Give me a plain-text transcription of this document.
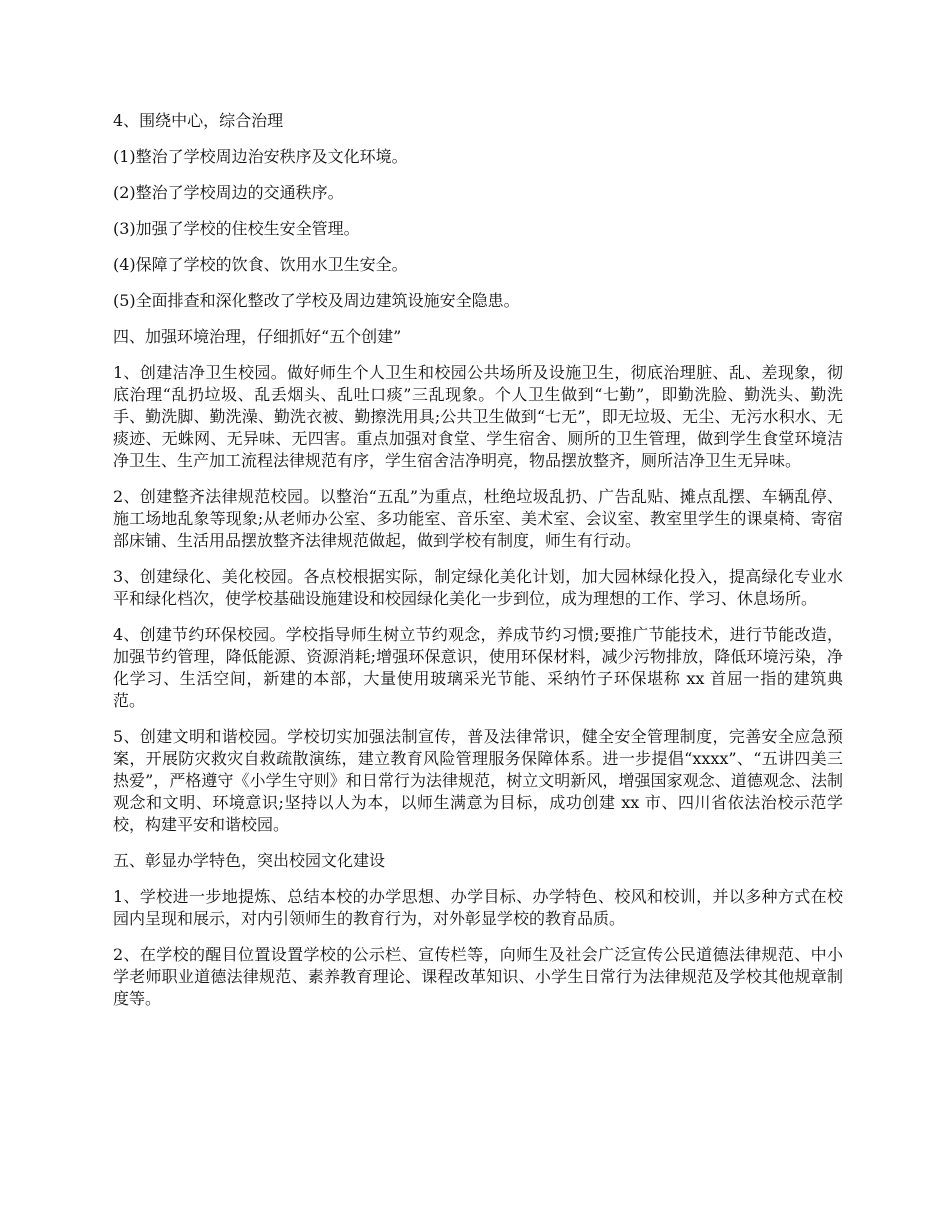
4、围绕中心，综合治理

(1)整治了学校周边治安秩序及文化环境。

(2)整治了学校周边的交通秩序。

(3)加强了学校的住校生安全管理。

(4)保障了学校的饮食、饮用水卫生安全。

(5)全面排查和深化整改了学校及周边建筑设施安全隐患。

四、加强环境治理，仔细抓好“五个创建”

1、创建洁净卫生校园。做好师生个人卫生和校园公共场所及设施卫生，彻底治理脏、乱、差现象，彻底治理“乱扔垃圾、乱丢烟头、乱吐口痰”三乱现象。个人卫生做到“七勤”，即勤洗脸、勤洗头、勤洗手、勤洗脚、勤洗澡、勤洗衣被、勤擦洗用具;公共卫生做到“七无”，即无垃圾、无尘、无污水积水、无痰迹、无蛛网、无异味、无四害。重点加强对食堂、学生宿舍、厕所的卫生管理，做到学生食堂环境洁净卫生、生产加工流程法律规范有序，学生宿舍洁净明亮，物品摆放整齐，厕所洁净卫生无异味。

2、创建整齐法律规范校园。以整治“五乱”为重点，杜绝垃圾乱扔、广告乱贴、摊点乱摆、车辆乱停、施工场地乱象等现象;从老师办公室、多功能室、音乐室、美术室、会议室、教室里学生的课桌椅、寄宿部床铺、生活用品摆放整齐法律规范做起，做到学校有制度，师生有行动。

3、创建绿化、美化校园。各点校根据实际，制定绿化美化计划，加大园林绿化投入，提高绿化专业水平和绿化档次，使学校基础设施建设和校园绿化美化一步到位，成为理想的工作、学习、休息场所。

4、创建节约环保校园。学校指导师生树立节约观念，养成节约习惯;要推广节能技术，进行节能改造，加强节约管理，降低能源、资源消耗;增强环保意识，使用环保材料，减少污物排放，降低环境污染，净化学习、生活空间，新建的本部，大量使用玻璃采光节能、采纳竹子环保堪称 xx 首屈一指的建筑典范。

5、创建文明和谐校园。学校切实加强法制宣传，普及法律常识，健全安全管理制度，完善安全应急预案，开展防灾救灾自救疏散演练，建立教育风险管理服务保障体系。进一步提倡“xxxx”、“五讲四美三热爱”，严格遵守《小学生守则》和日常行为法律规范，树立文明新风，增强国家观念、道德观念、法制观念和文明、环境意识;坚持以人为本，以师生满意为目标，成功创建 xx 市、四川省依法治校示范学校，构建平安和谐校园。

五、彰显办学特色，突出校园文化建设

1、学校进一步地提炼、总结本校的办学思想、办学目标、办学特色、校风和校训，并以多种方式在校园内呈现和展示，对内引领师生的教育行为，对外彰显学校的教育品质。

2、在学校的醒目位置设置学校的公示栏、宣传栏等，向师生及社会广泛宣传公民道德法律规范、中小学老师职业道德法律规范、素养教育理论、课程改革知识、小学生日常行为法律规范及学校其他规章制度等。
